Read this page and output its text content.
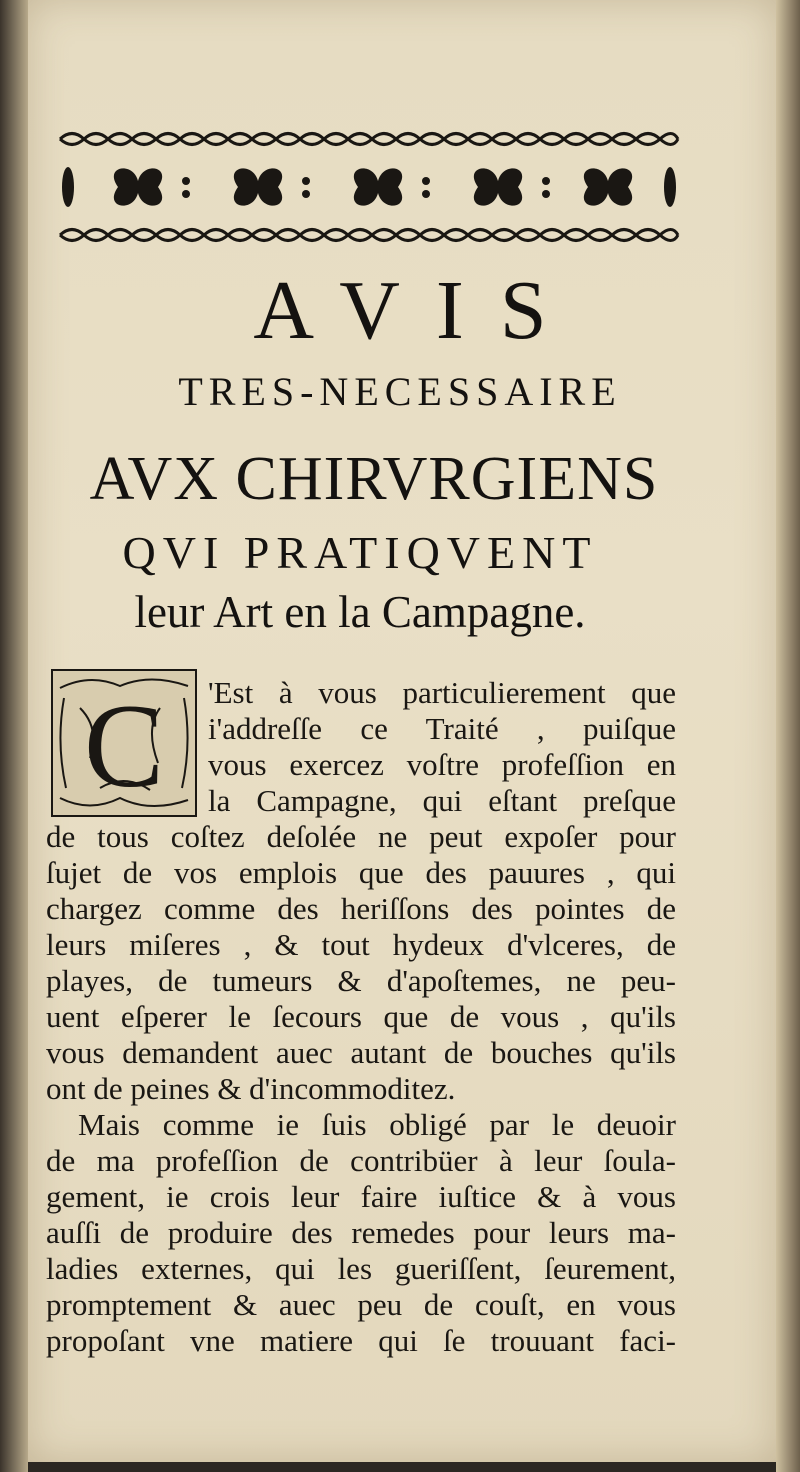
AVIS
TRES-NECESSAIRE
AVX CHIRVRGIENS
QVI PRATIQVENT
leur Art en la Campagne.
C 'Est à vous particulierement que
i'addreſſe ce Traité , puiſque
vous exercez voſtre profeſſion en
la Campagne, qui eſtant preſque
de tous coſtez deſolée ne peut expoſer pour
ſujet de vos emplois que des pauures , qui
chargez comme des heriſſons des pointes de
leurs miſeres , & tout hydeux d'vlceres, de
playes, de tumeurs & d'apoſtemes, ne peu-
uent eſperer le ſecours que de vous , qu'ils
vous demandent auec autant de bouches qu'ils
ont de peines & d'incommoditez.
Mais comme ie ſuis obligé par le deuoir
de ma profeſſion de contribüer à leur ſoula-
gement, ie crois leur faire iuſtice & à vous
auſſi de produire des remedes pour leurs ma-
ladies externes, qui les gueriſſent, ſeurement,
promptement & auec peu de couſt, en vous
propoſant vne matiere qui ſe trouuant faci-
